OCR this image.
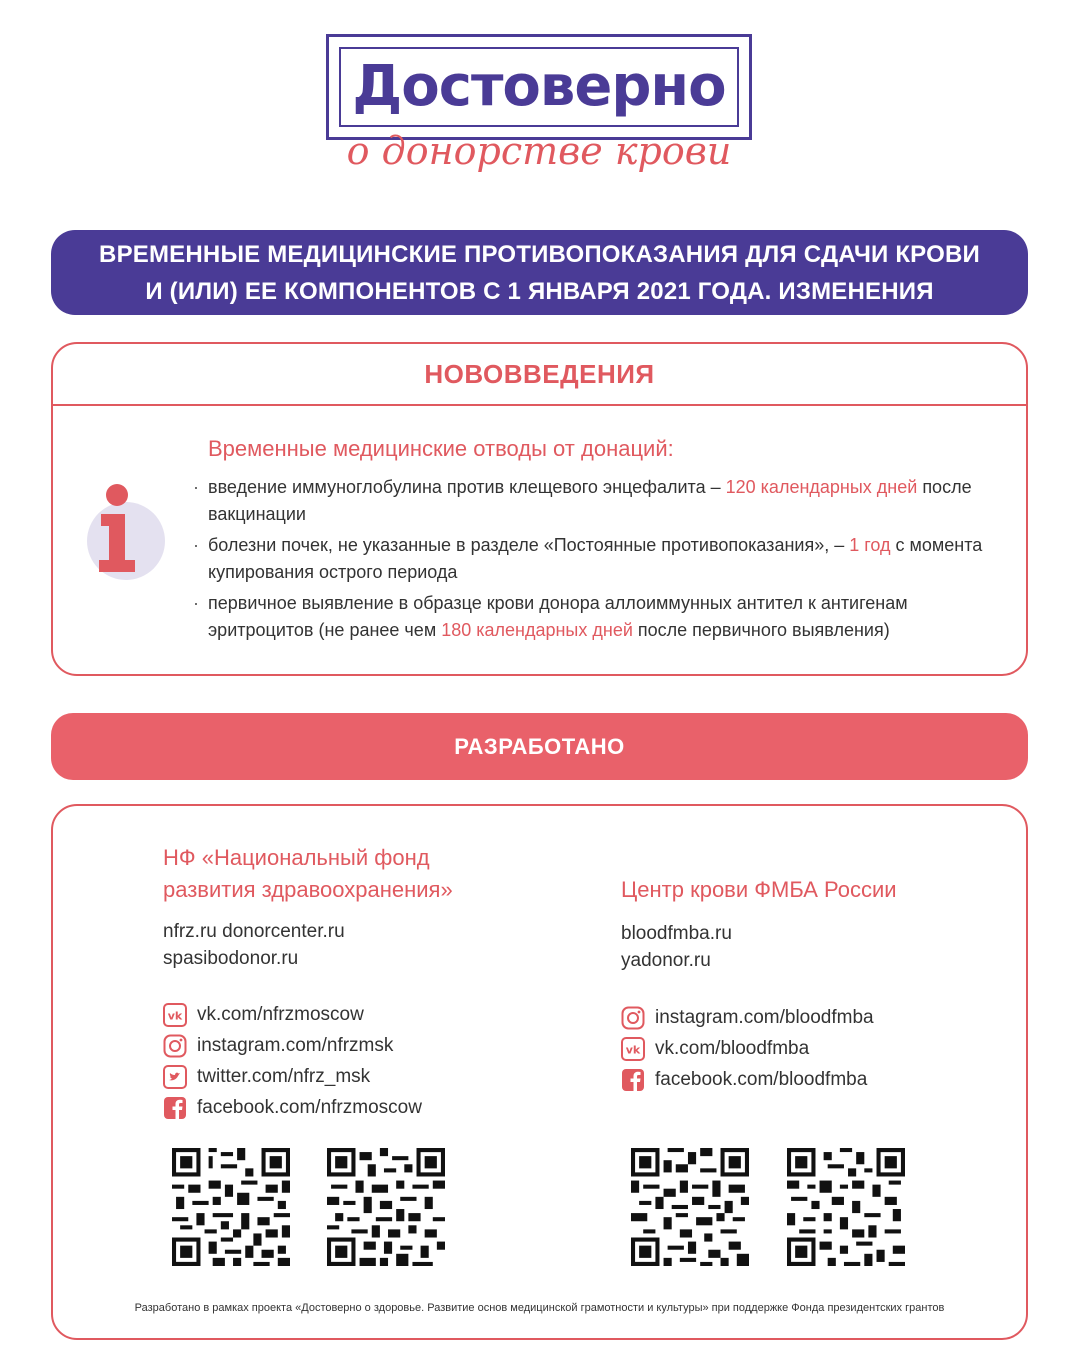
Достоверно
о донорстве крови
ВРЕМЕННЫЕ МЕДИЦИНСКИЕ ПРОТИВОПОКАЗАНИЯ ДЛЯ СДАЧИ КРОВИ
И (ИЛИ) ЕЕ КОМПОНЕНТОВ С 1 ЯНВАРЯ 2021 ГОДА. ИЗМЕНЕНИЯ
НОВОВВЕДЕНИЯ
Временные медицинские отводы от донаций:
· введение иммуноглобулина против клещевого энцефалита – 120 календарных дней после вакцинации
· болезни почек, не указанные в разделе «Постоянные противопоказания», – 1 год с момента купирования острого периода
· первичное выявление в образце крови донора аллоиммунных антител к антигенам эритроцитов (не ранее чем 180 календарных дней после первичного выявления)
РАЗРАБОТАНО
НФ «Национальный фонд
развития здравоохранения»
nfrz.ru donorcenter.ru
spasibodonor.ru
vk vk.com/nfrzmoscow
instagram.com/nfrzmsk
twitter.com/nfrz_msk
facebook.com/nfrzmoscow
Центр крови ФМБА России
bloodfmba.ru
yadonor.ru
instagram.com/bloodfmba
vk vk.com/bloodfmba
facebook.com/bloodfmba
Разработано в рамках проекта «Достоверно о здоровье. Развитие основ медицинской грамотности и культуры» при поддержке Фонда президентских грантов
